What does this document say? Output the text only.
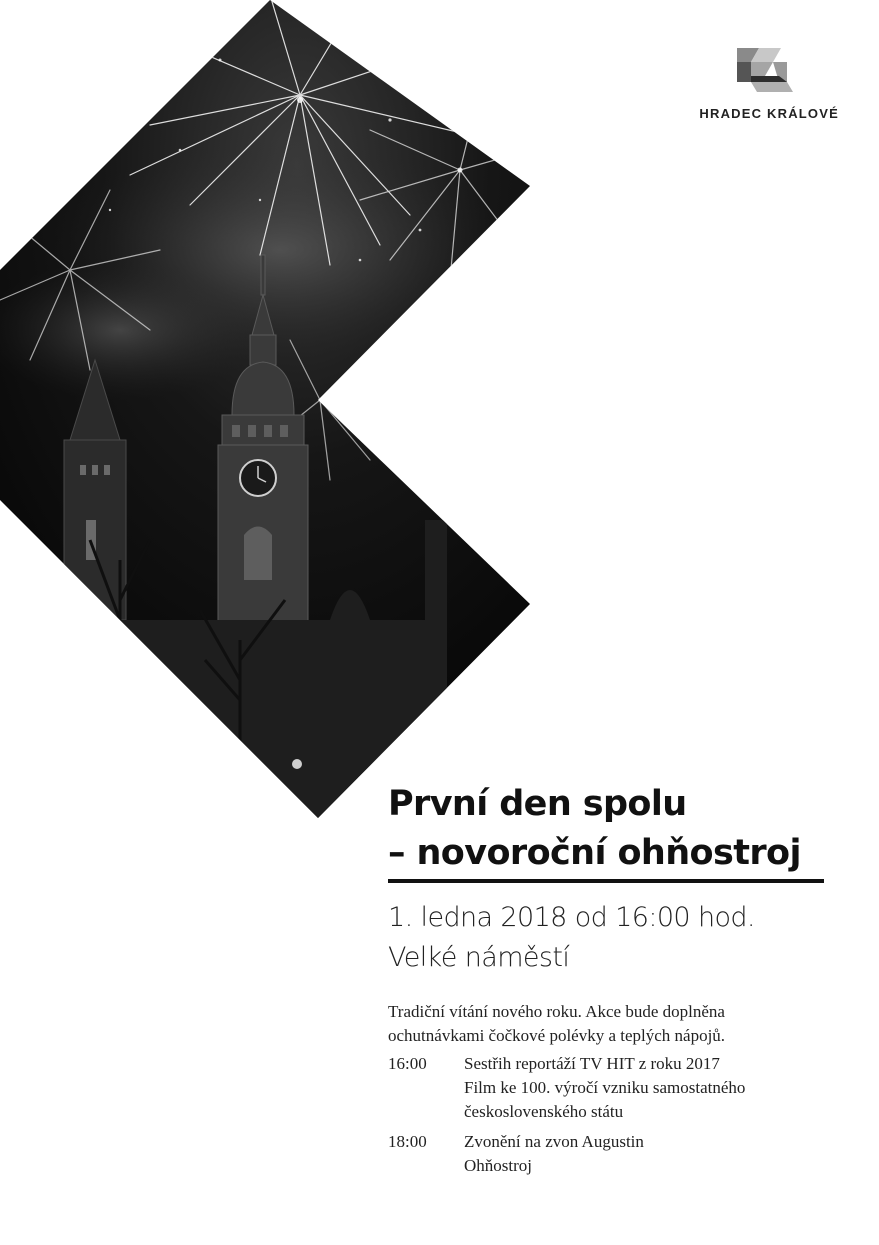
HRADEC KRÁLOVÉ
První den spolu
– novoroční ohňostroj
1. ledna 2018 od 16:00 hod.
Velké náměstí
Tradiční vítání nového roku. Akce bude doplněna
ochutnávkami čočkové polévky a teplých nápojů.
16:00	Sestřih reportáží TV HIT z roku 2017
Film ke 100. výročí vzniku samostatného
československého státu
18:00	Zvonění na zvon Augustin
Ohňostroj
